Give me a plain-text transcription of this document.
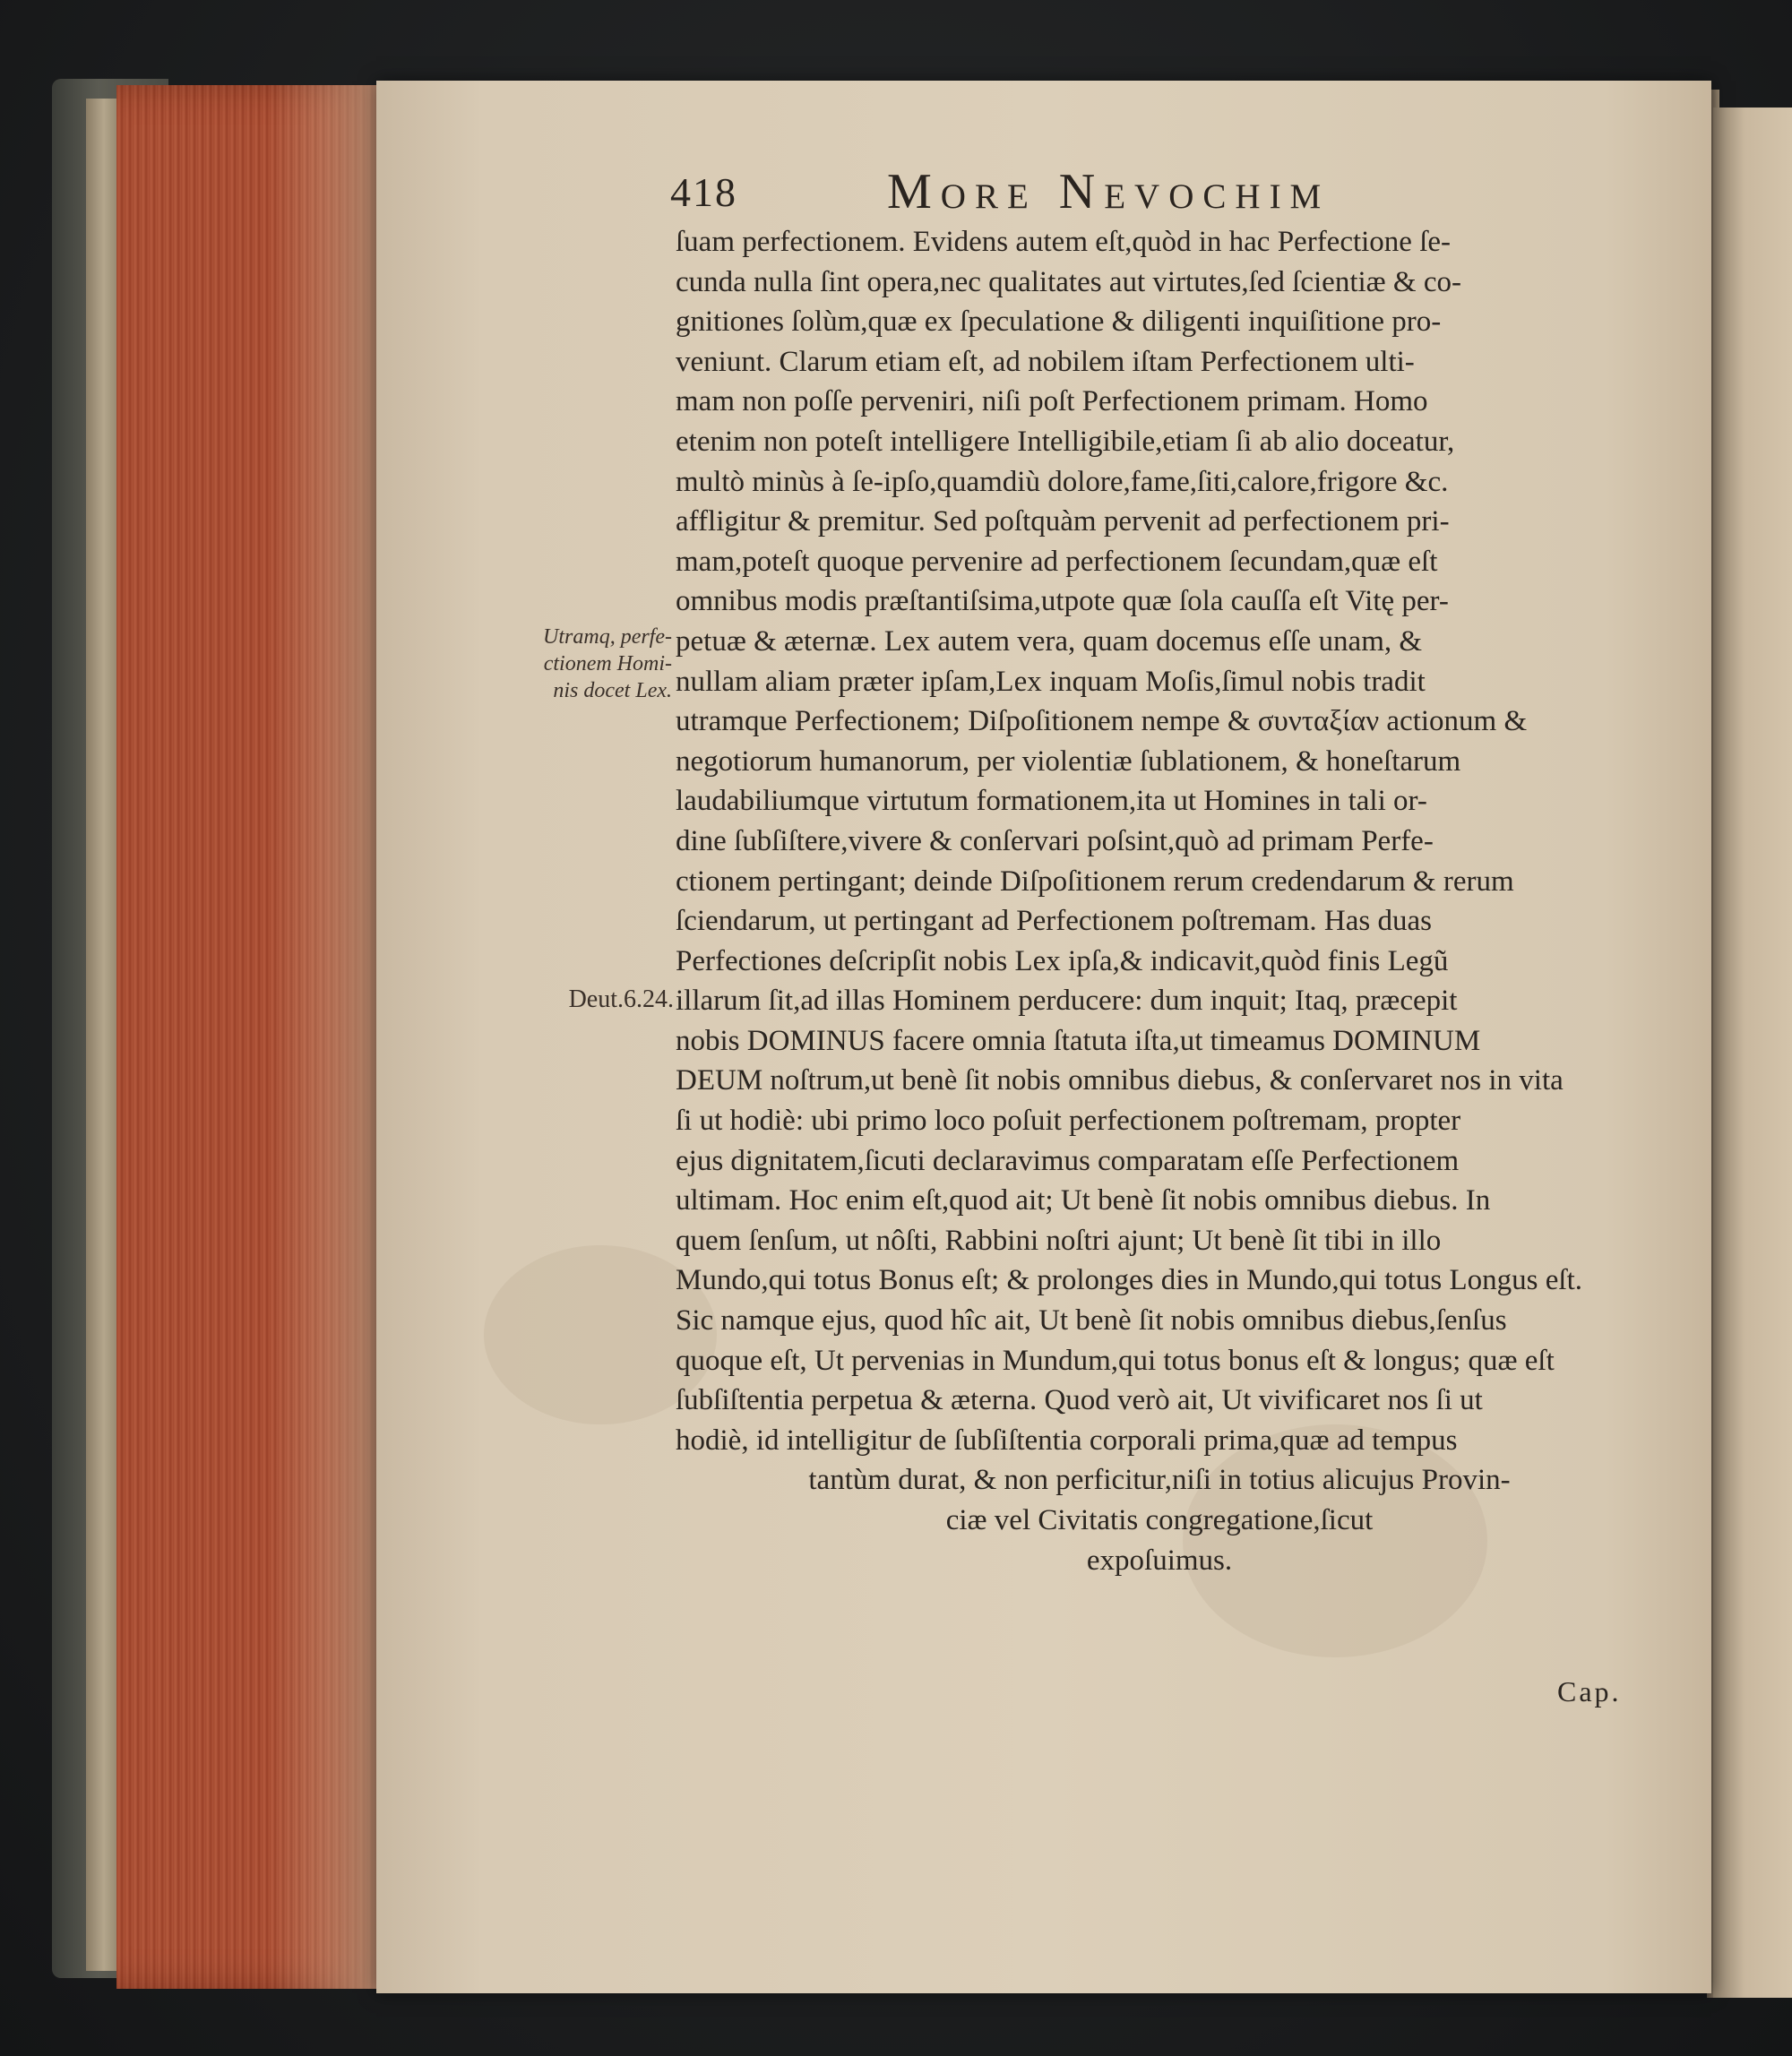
418	More Nevochim
Utramq, perfe-
ctionem Homi-
nis docet Lex.
Deut.6.24.
ſuam perfectionem. Evidens autem eſt,quòd in hac Perfectione ſe-
cunda nulla ſint opera,nec qualitates aut virtutes,ſed ſcientiæ & co-
gnitiones ſolùm,quæ ex ſpeculatione & diligenti inquiſitione pro-
veniunt. Clarum etiam eſt, ad nobilem iſtam Perfectionem ulti-
mam non poſſe perveniri, niſi poſt Perfectionem primam. Homo
etenim non poteſt intelligere Intelligibile,etiam ſi ab alio doceatur,
multò minùs à ſe-ipſo,quamdiù dolore,fame,ſiti,calore,frigore &c.
affligitur & premitur. Sed poſtquàm pervenit ad perfectionem pri-
mam,poteſt quoque pervenire ad perfectionem ſecundam,quæ eſt
omnibus modis præſtantiſsima,utpote quæ ſola cauſſa eſt Vitę per-
petuæ & æternæ. Lex autem vera, quam docemus eſſe unam, &
nullam aliam præter ipſam,Lex inquam Moſis,ſimul nobis tradit
utramque Perfectionem; Diſpoſitionem nempe & συνταξίαν actionum &
negotiorum humanorum, per violentiæ ſublationem, & honeſtarum
laudabiliumque virtutum formationem,ita ut Homines in tali or-
dine ſubſiſtere,vivere & conſervari poſsint,quò ad primam Perfe-
ctionem pertingant; deinde Diſpoſitionem rerum credendarum & rerum
ſciendarum, ut pertingant ad Perfectionem poſtremam. Has duas
Perfectiones deſcripſit nobis Lex ipſa,& indicavit,quòd finis Legũ
illarum ſit,ad illas Hominem perducere: dum inquit; Itaq, præcepit
nobis DOMINUS facere omnia ſtatuta iſta,ut timeamus DOMINUM
DEUM noſtrum,ut benè ſit nobis omnibus diebus, & conſervaret nos in vita
ſi ut hodiè: ubi primo loco poſuit perfectionem poſtremam, propter
ejus dignitatem,ſicuti declaravimus comparatam eſſe Perfectionem
ultimam. Hoc enim eſt,quod ait; Ut benè ſit nobis omnibus diebus. In
quem ſenſum, ut nôſti, Rabbini noſtri ajunt; Ut benè ſit tibi in illo
Mundo,qui totus Bonus eſt; & prolonges dies in Mundo,qui totus Longus eſt.
Sic namque ejus, quod hîc ait, Ut benè ſit nobis omnibus diebus,ſenſus
quoque eſt, Ut pervenias in Mundum,qui totus bonus eſt & longus; quæ eſt
ſubſiſtentia perpetua & æterna. Quod verò ait, Ut vivificaret nos ſi ut
hodiè, id intelligitur de ſubſiſtentia corporali prima,quæ ad tempus
tantùm durat, & non perficitur,niſi in totius alicujus Provin-
ciæ vel Civitatis congregatione,ſicut
expoſuimus.
Cap.
